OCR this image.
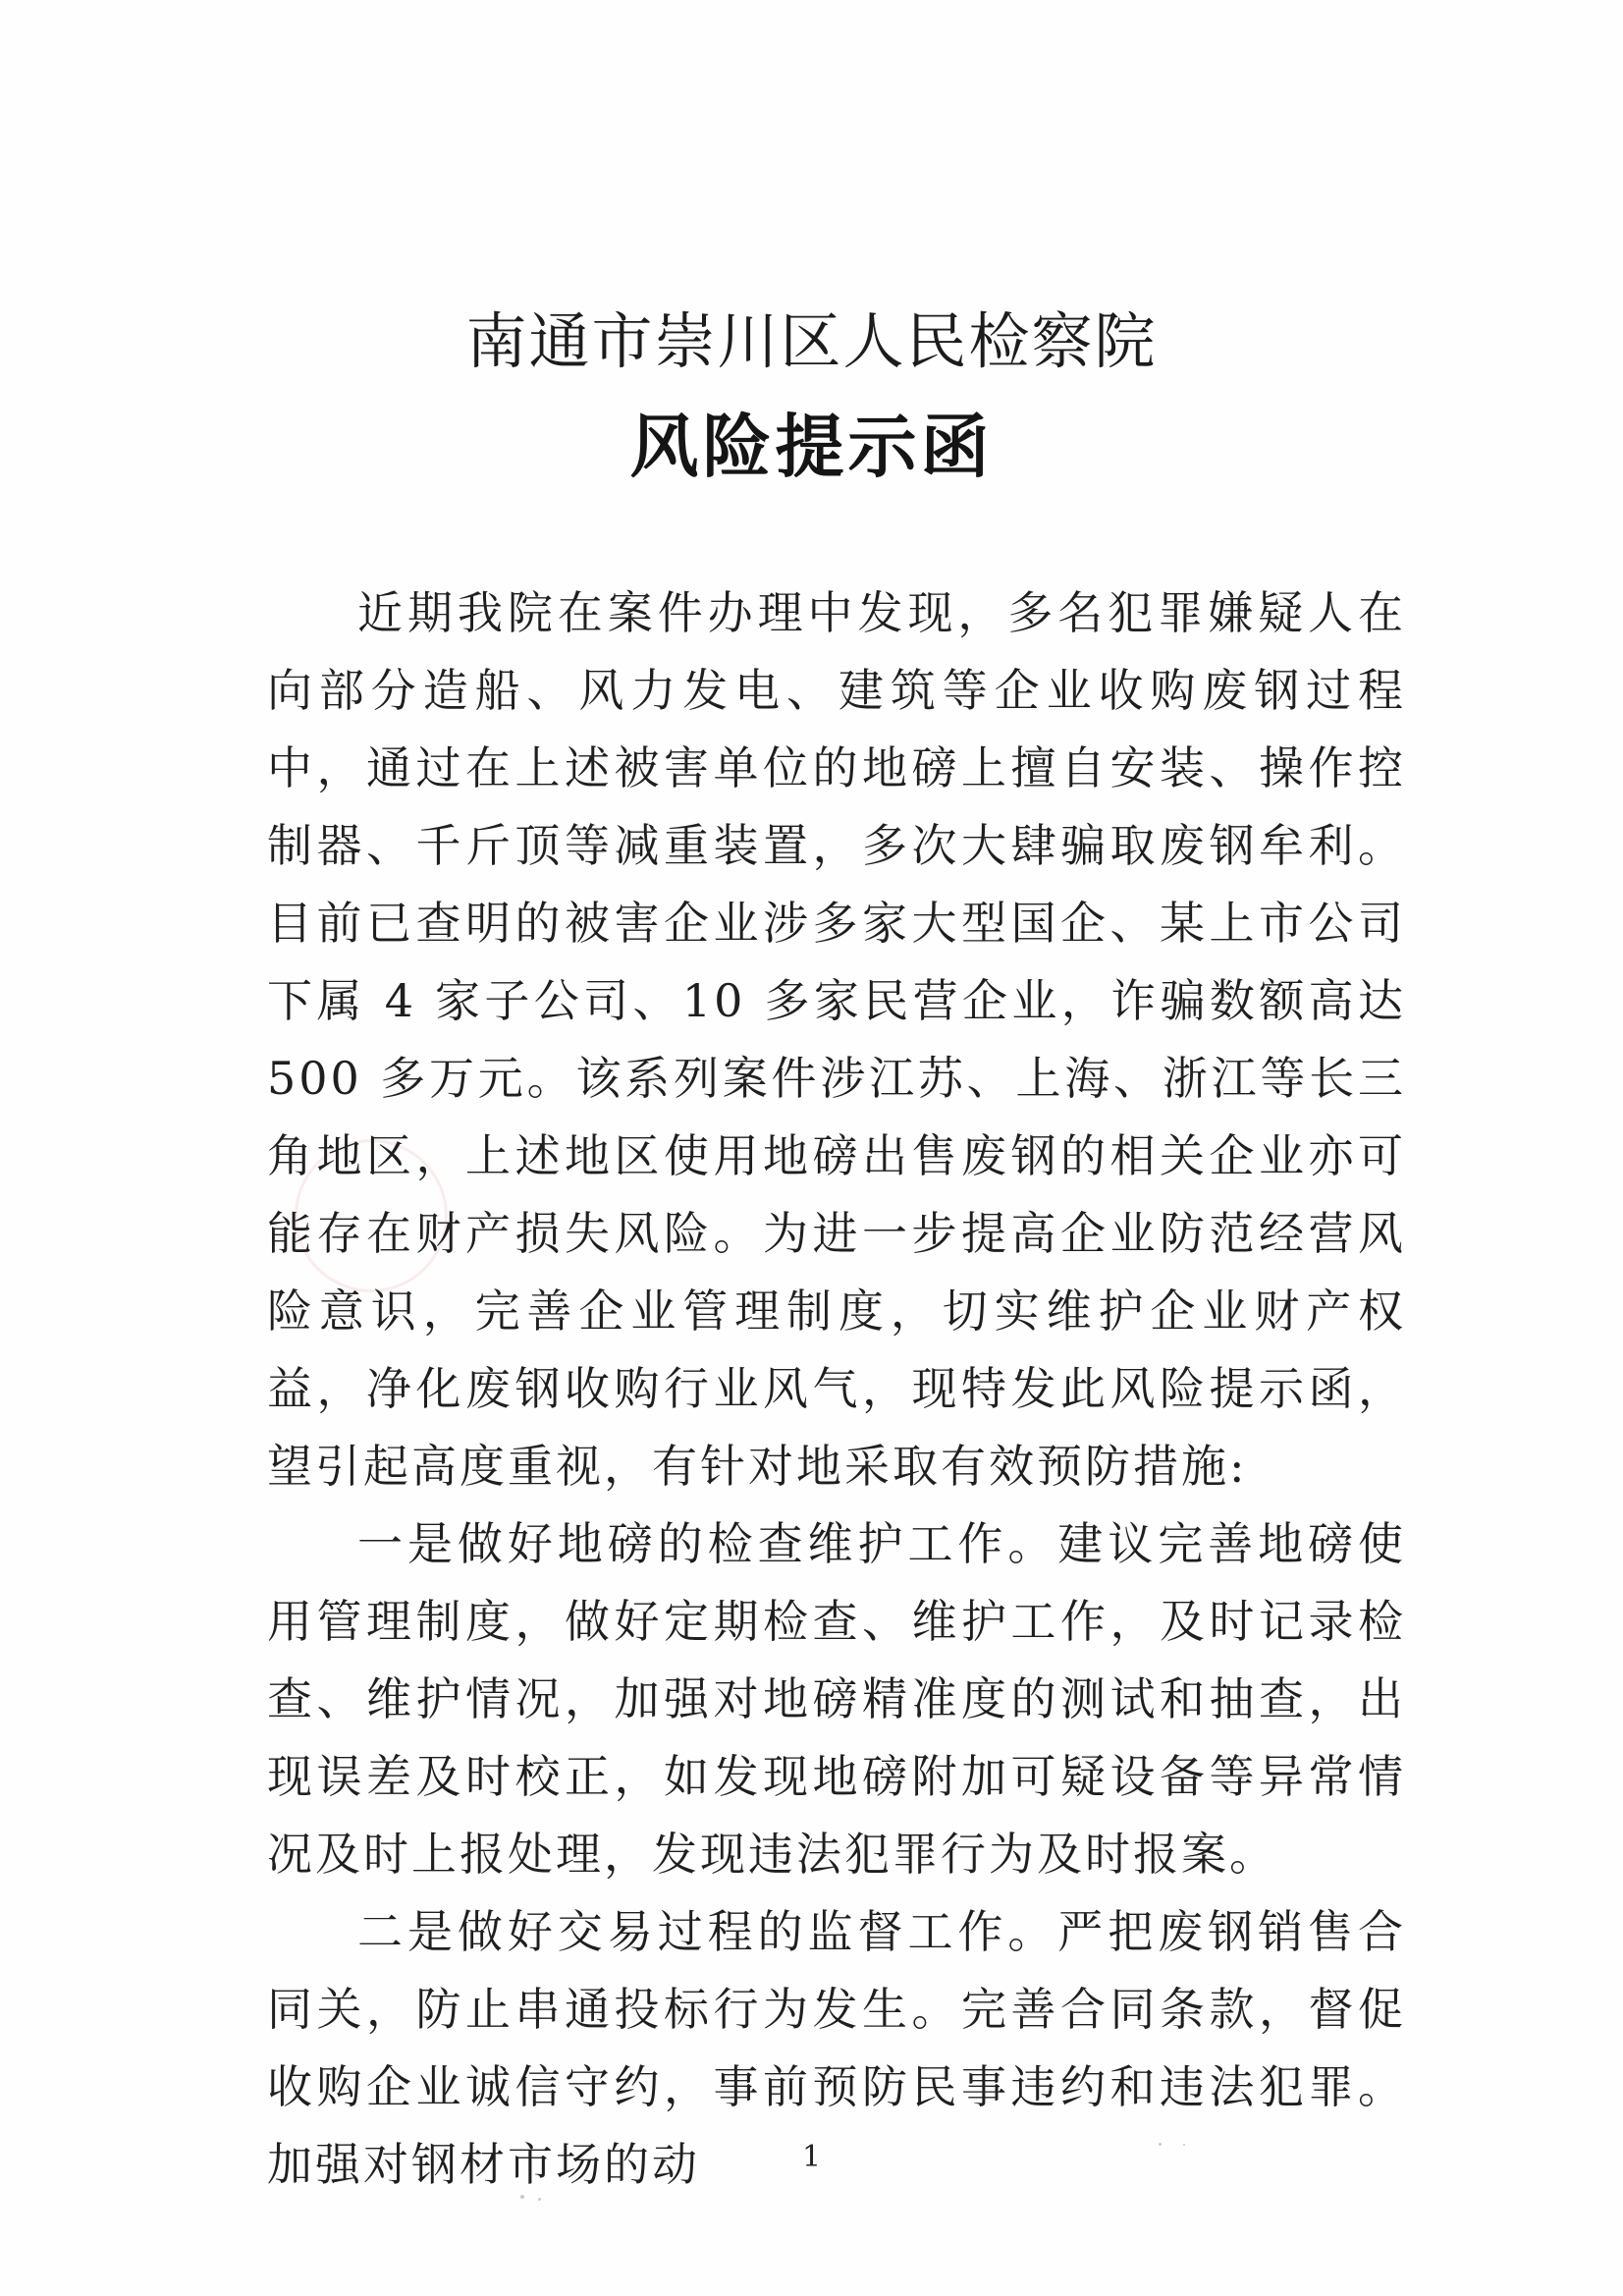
南通市崇川区人民检察院
风险提示函

近期我院在案件办理中发现，多名犯罪嫌疑人在向部分造船、风力发电、建筑等企业收购废钢过程中，通过在上述被害单位的地磅上擅自安装、操作控制器、千斤顶等减重装置，多次大肆骗取废钢牟利。目前已查明的被害企业涉多家大型国企、某上市公司下属 4 家子公司、10 多家民营企业，诈骗数额高达 500 多万元。该系列案件涉江苏、上海、浙江等长三角地区，上述地区使用地磅出售废钢的相关企业亦可能存在财产损失风险。为进一步提高企业防范经营风险意识，完善企业管理制度，切实维护企业财产权益，净化废钢收购行业风气，现特发此风险提示函，望引起高度重视，有针对地采取有效预防措施:

一是做好地磅的检查维护工作。建议完善地磅使用管理制度，做好定期检查、维护工作，及时记录检查、维护情况，加强对地磅精准度的测试和抽查，出现误差及时校正，如发现地磅附加可疑设备等异常情况及时上报处理，发现违法犯罪行为及时报案。

二是做好交易过程的监督工作。严把废钢销售合同关，防止串通投标行为发生。完善合同条款，督促收购企业诚信守约，事前预防民事违约和违法犯罪。加强对钢材市场的动	1
